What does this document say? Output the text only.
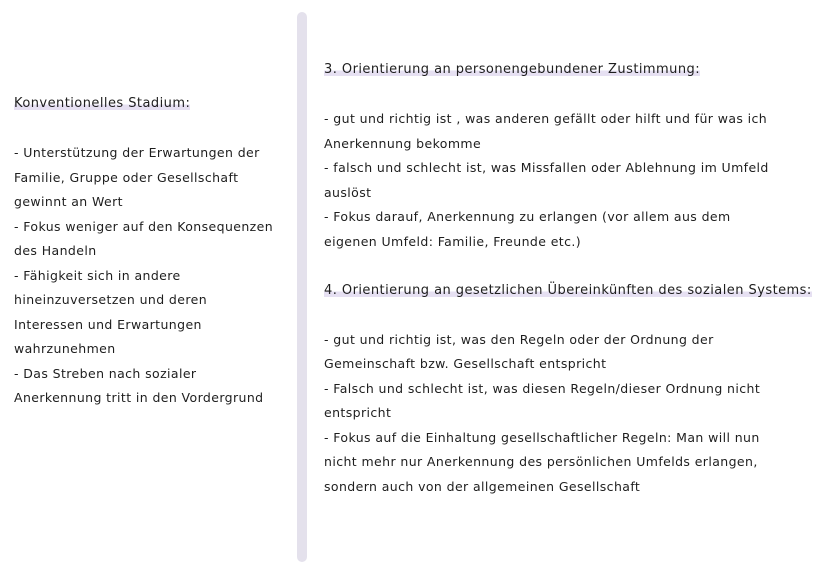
Konventionelles Stadium:

- Unterstützung der Erwartungen der

Familie, Gruppe oder Gesellschaft

gewinnt an Wert

- Fokus weniger auf den Konsequenzen

des Handeln

- Fähigkeit sich in andere

hineinzuversetzen und deren

Interessen und Erwartungen

wahrzunehmen

- Das Streben nach sozialer

Anerkennung tritt in den Vordergrund

3. Orientierung an personengebundener Zustimmung:

- gut und richtig ist , was anderen gefällt oder hilft und für was ich

Anerkennung bekomme

- falsch und schlecht ist, was Missfallen oder Ablehnung im Umfeld

auslöst

- Fokus darauf, Anerkennung zu erlangen (vor allem aus dem

eigenen Umfeld: Familie, Freunde etc.)

4. Orientierung an gesetzlichen Übereinkünften des sozialen Systems:

- gut und richtig ist, was den Regeln oder der Ordnung der

Gemeinschaft bzw. Gesellschaft entspricht

- Falsch und schlecht ist, was diesen Regeln/dieser Ordnung nicht

entspricht

- Fokus auf die Einhaltung gesellschaftlicher Regeln: Man will nun

nicht mehr nur Anerkennung des persönlichen Umfelds erlangen,

sondern auch von der allgemeinen Gesellschaft
